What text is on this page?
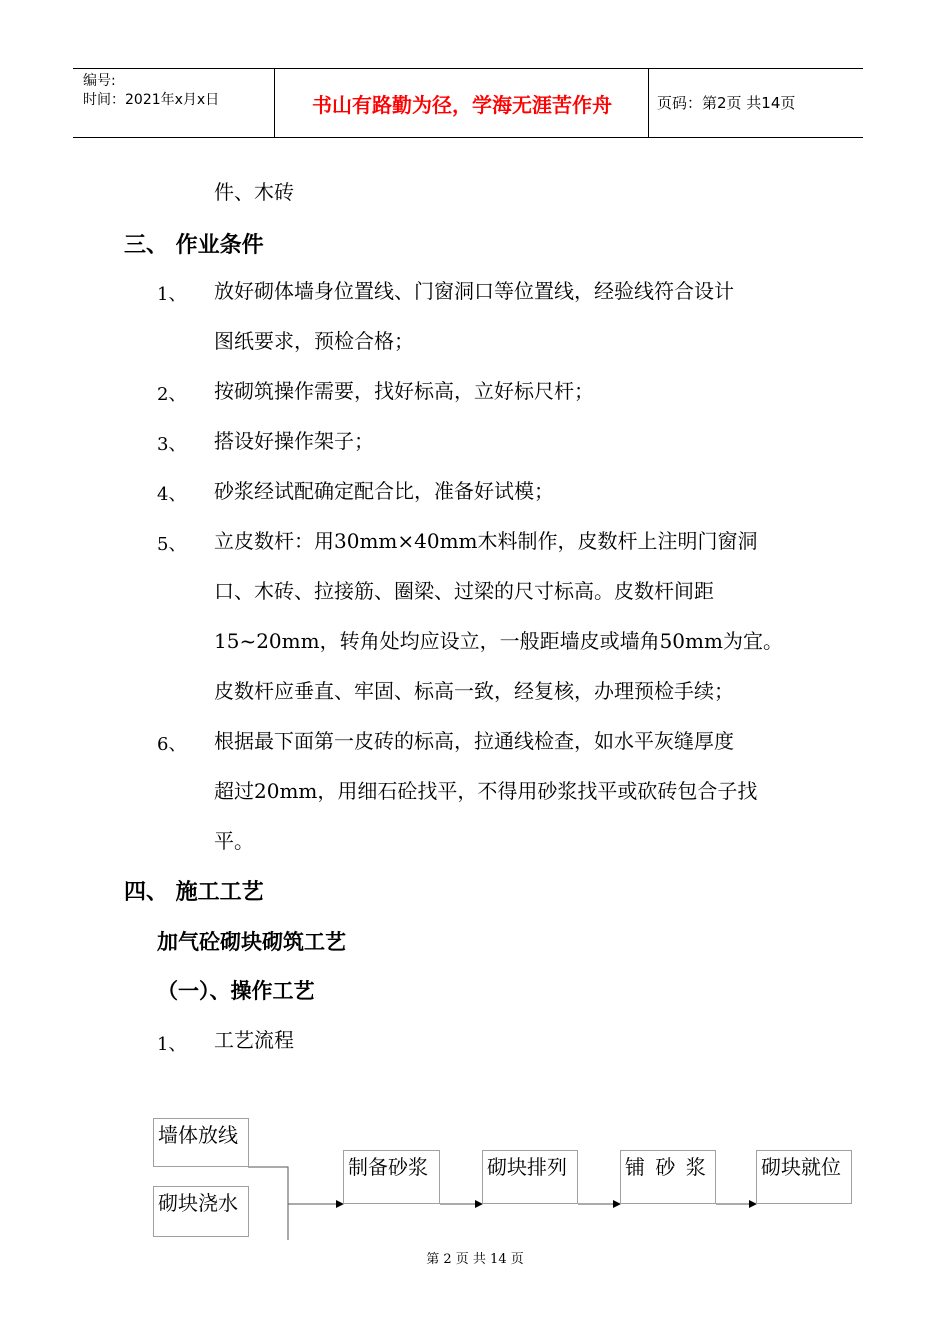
编号:
时间：2021年x月x日	书山有路勤为径，学海无涯苦作舟	页码：第2页 共14页
件、木砖
三、 作业条件
1、 放好砌体墙身位置线、门窗洞口等位置线，经验线符合设计
图纸要求，预检合格；
2、 按砌筑操作需要，找好标高，立好标尺杆；
3、 搭设好操作架子；
4、 砂浆经试配确定配合比，准备好试模；
5、 立皮数杆：用30mm×40mm木料制作，皮数杆上注明门窗洞
口、木砖、拉接筋、圈梁、过梁的尺寸标高。皮数杆间距
15~20mm，转角处均应设立，一般距墙皮或墙角50mm为宜。
皮数杆应垂直、牢固、标高一致，经复核，办理预检手续；
6、 根据最下面第一皮砖的标高，拉通线检查，如水平灰缝厚度
超过20mm，用细石砼找平，不得用砂浆找平或砍砖包合子找
平。
四、 施工工艺
加气砼砌块砌筑工艺
（一）、操作工艺
1、 工艺流程
墙体放线
砌块浇水
制备砂浆	砌块排列	铺 砂 浆	砌块就位
第 2 页 共 14 页
